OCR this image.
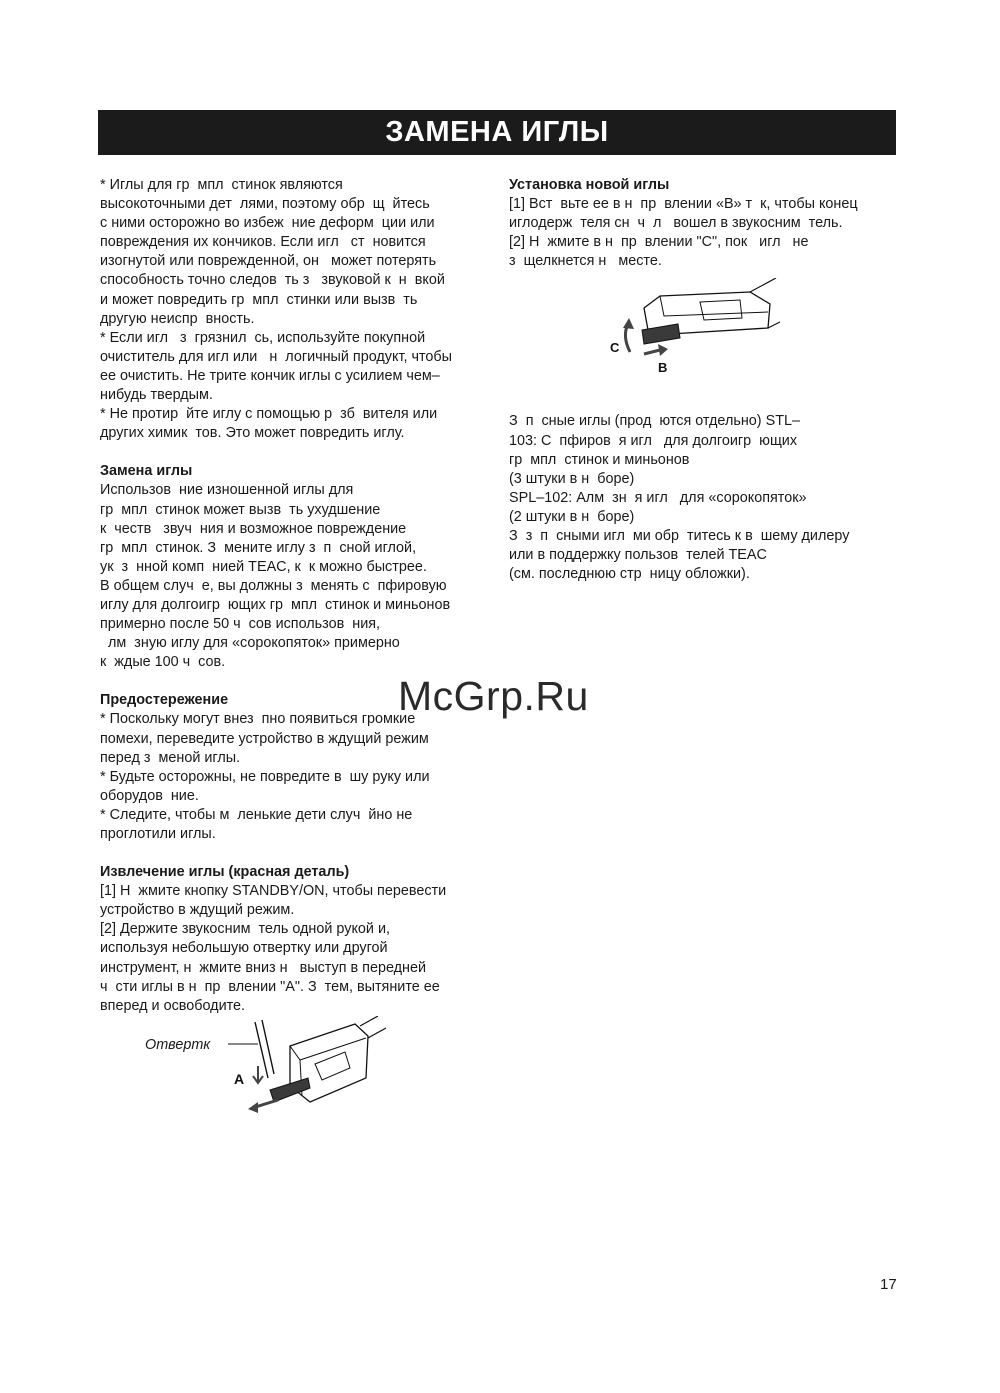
ЗАМЕНА ИГЛЫ
* Иглы для гр  мпл  стинок являются
высокоточными дет  лями, поэтому обр  щ  йтесь
с ними осторожно во избеж  ние деформ  ции или
повреждения их кончиков. Если игл   ст  новится
изогнутой или поврежденной, он   может потерять
способность точно следов  ть з   звуковой к  н  вкой
и может повредить гр  мпл  стинки или вызв  ть
другую неиспр  вность.
* Если игл   з  грязнил  сь, используйте покупной
очиститель для игл или   н  логичный продукт, чтобы
ее очистить. Не трите кончик иглы с усилием чем–
нибудь твердым.
* Не протир  йте иглу с помощью р  зб  вителя или
других химик  тов. Это может повредить иглу.
Замена иглы
Использов  ние изношенной иглы для
гр  мпл  стинок может вызв  ть ухудшение
к  честв   звуч  ния и возможное повреждение
гр  мпл  стинок. З  мените иглу з  п  сной иглой,
ук  з  нной комп  нией TEAC, к  к можно быстрее.
В общем случ  е, вы должны з  менять с  пфировую
иглу для долгоигр  ющих гр  мпл  стинок и миньонов
примерно после 50 ч  сов использов  ния,
лм  зную иглу для «сорокопяток» примерно
к  ждые 100 ч  сов.
Предостережение
* Поскольку могут внез  пно появиться громкие
помехи, переведите устройство в ждущий режим
перед з  меной иглы.
* Будьте осторожны, не повредите в  шу руку или
оборудов  ние.
* Следите, чтобы м  ленькие дети случ  йно не
проглотили иглы.
Извлечение иглы (красная деталь)
[1] Н  жмите кнопку STANDBY/ON, чтобы перевести
устройство в ждущий режим.
[2] Держите звукосним  тель одной рукой и,
используя небольшую отвертку или другой
инструмент, н  жмите вниз н   выступ в передней
ч  сти иглы в н  пр  влении "A". З  тем, вытяните ее
вперед и освободите.
Отвертк
A
Установка новой иглы
[1] Вст  вьте ее в н  пр  влении «B» т  к, чтобы конец
иглодерж  теля сн  ч  л   вошел в звукосним  тель.
[2] Н  жмите в н  пр  влении "C", пок   игл   не
з  щелкнется н   месте.
З  п  сные иглы (прод  ются отдельно) STL–
103: С  пфиров  я игл   для долгоигр  ющих
гр  мпл  стинок и миньонов
(3 штуки в н  боре)
SPL–102: Алм  зн  я игл   для «сорокопяток»
(2 штуки в н  боре)
З  з  п  сными игл  ми обр  титесь к в  шему дилеру
или в поддержку пользов  телей TEAC
(см. последнюю стр  ницу обложки).
C
B
McGrp.Ru
17
